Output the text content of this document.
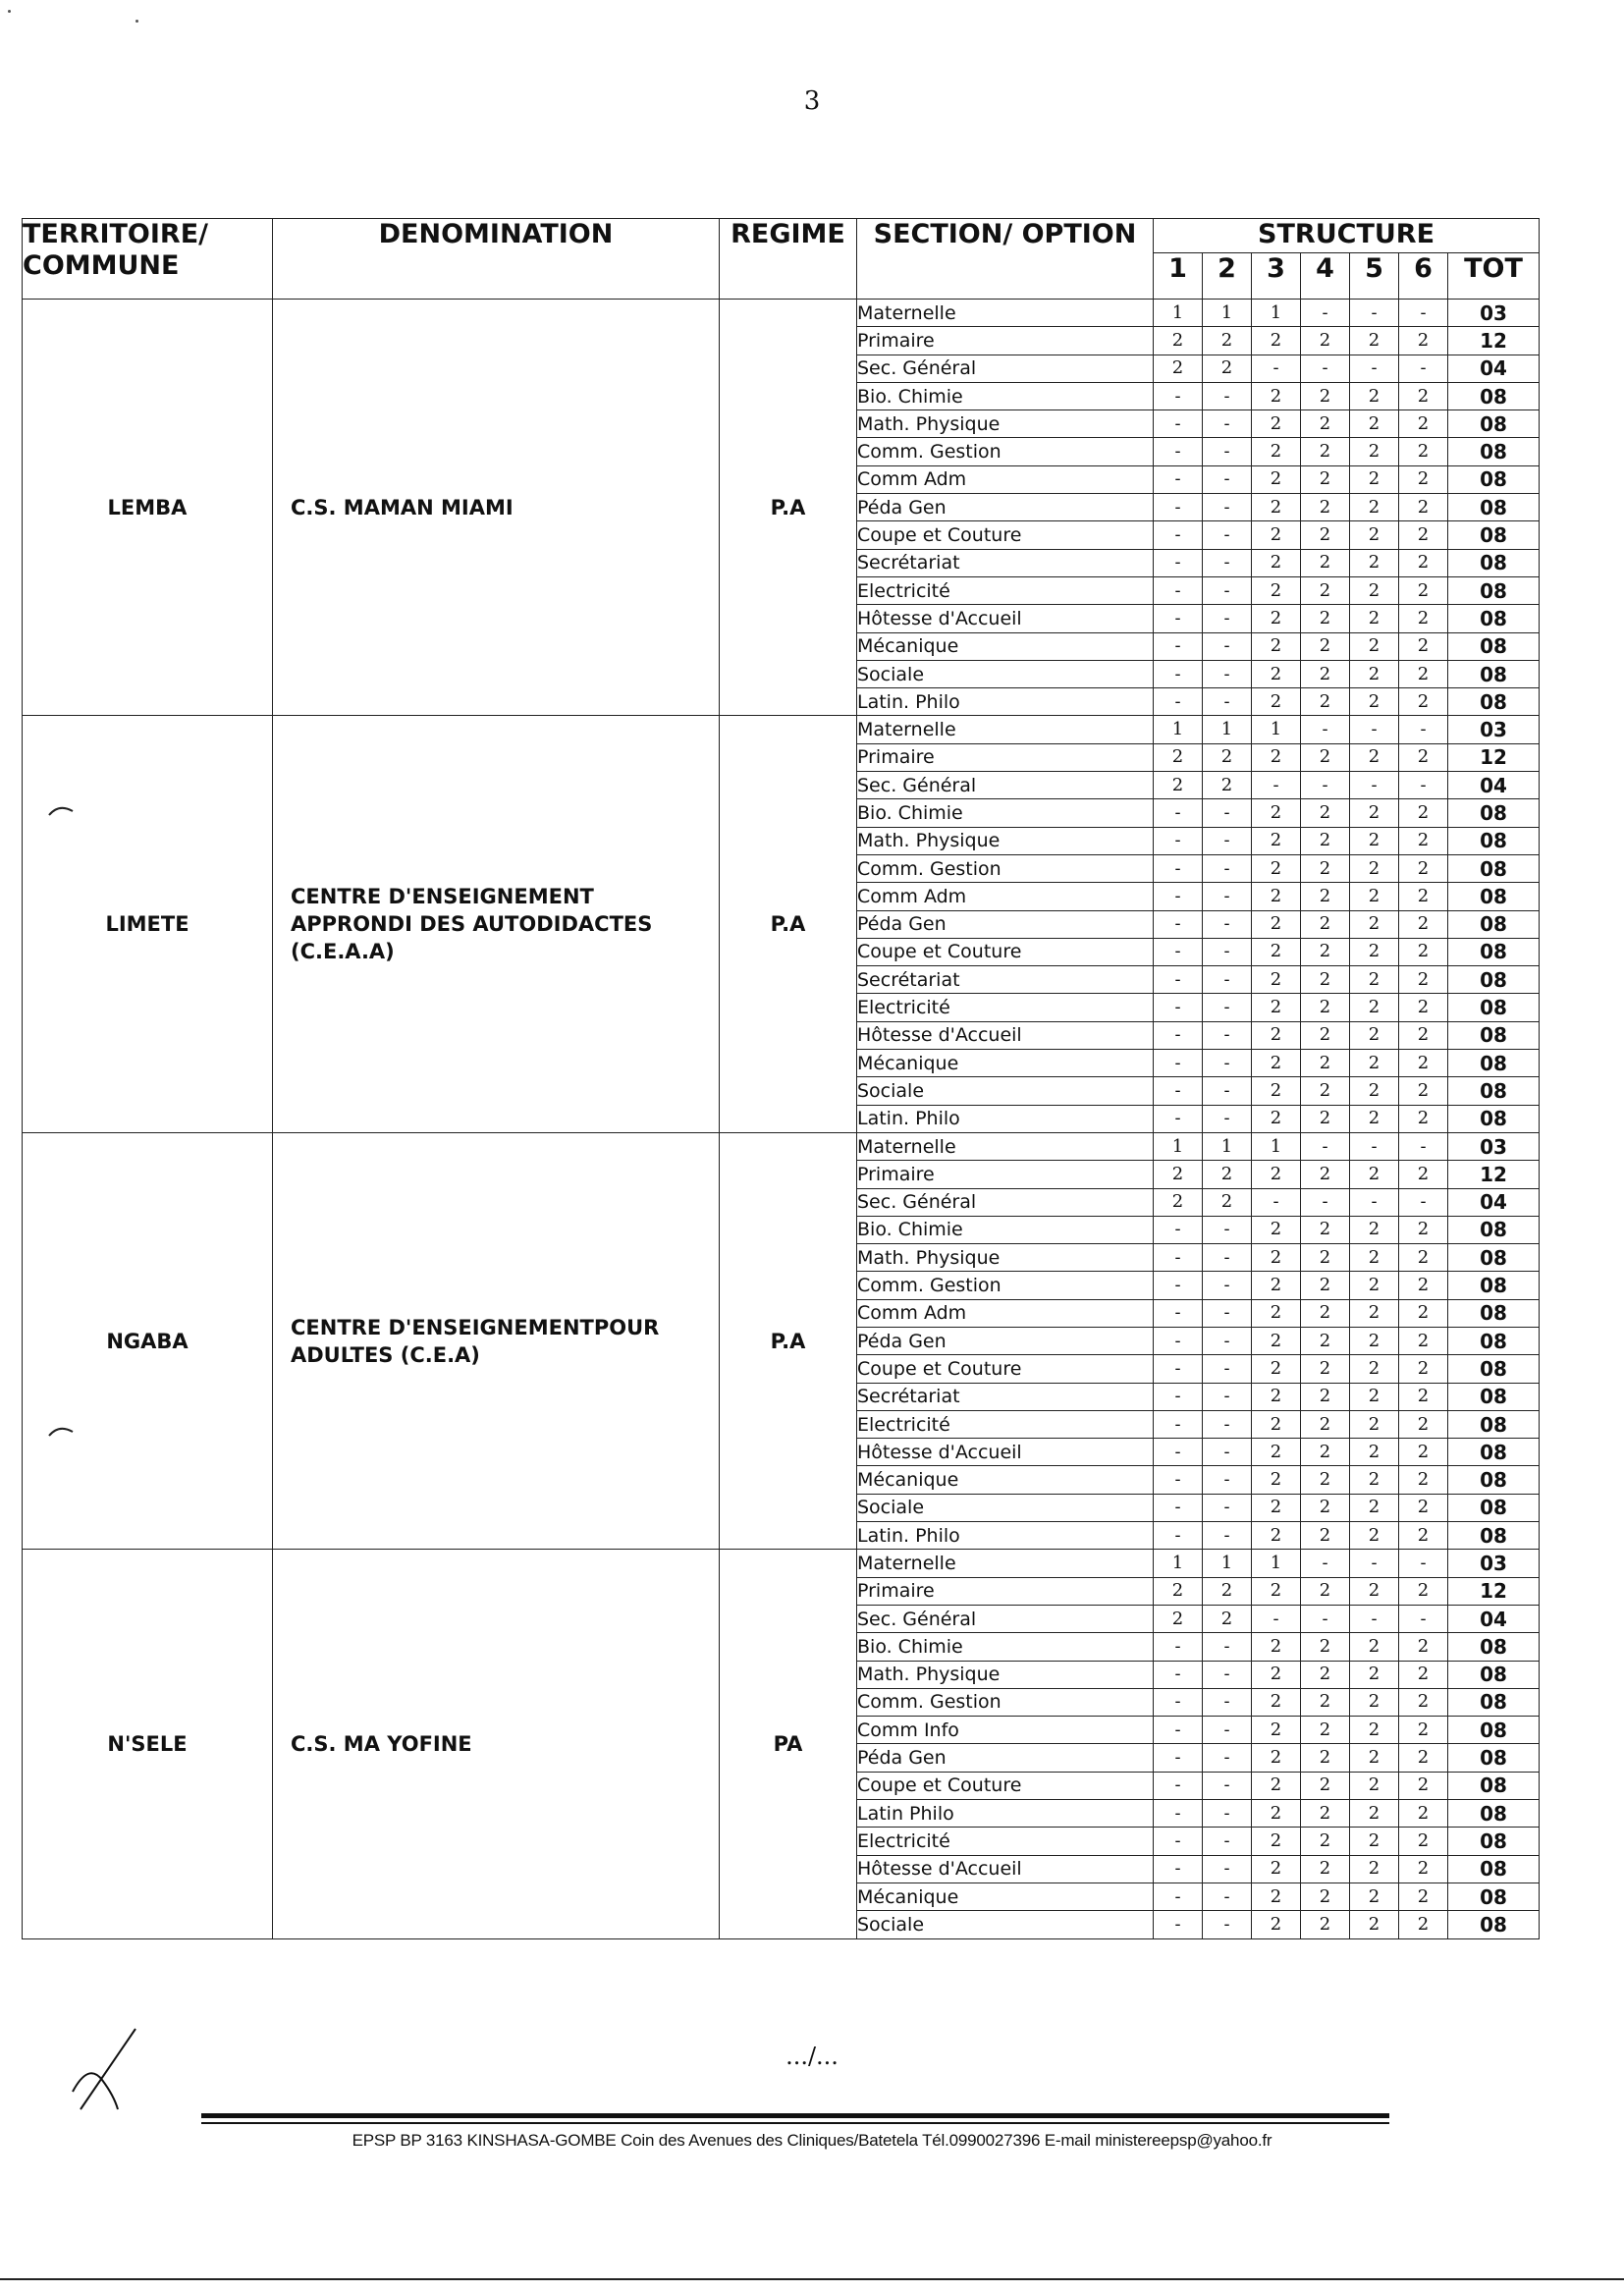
3
TERRITOIRE/ COMMUNE	DENOMINATION	REGIME	SECTION/ OPTION	STRUCTURE						
				1	2	3	4	5	6	TOT
LEMBA	C.S. MAMAN MIAMI	P.A	Maternelle	1	1	1	-	-	-	03
			Primaire	2	2	2	2	2	2	12
			Sec. Général	2	2	-	-	-	-	04
			Bio. Chimie	-	-	2	2	2	2	08
			Math. Physique	-	-	2	2	2	2	08
			Comm. Gestion	-	-	2	2	2	2	08
			Comm Adm	-	-	2	2	2	2	08
			Péda Gen	-	-	2	2	2	2	08
			Coupe et Couture	-	-	2	2	2	2	08
			Secrétariat	-	-	2	2	2	2	08
			Electricité	-	-	2	2	2	2	08
			Hôtesse d'Accueil	-	-	2	2	2	2	08
			Mécanique	-	-	2	2	2	2	08
			Sociale	-	-	2	2	2	2	08
			Latin. Philo	-	-	2	2	2	2	08
LIMETE	CENTRE D'ENSEIGNEMENT
APPRONDI DES AUTODIDACTES
(C.E.A.A)	P.A	Maternelle	1	1	1	-	-	-	03
			Primaire	2	2	2	2	2	2	12
			Sec. Général	2	2	-	-	-	-	04
			Bio. Chimie	-	-	2	2	2	2	08
			Math. Physique	-	-	2	2	2	2	08
			Comm. Gestion	-	-	2	2	2	2	08
			Comm Adm	-	-	2	2	2	2	08
			Péda Gen	-	-	2	2	2	2	08
			Coupe et Couture	-	-	2	2	2	2	08
			Secrétariat	-	-	2	2	2	2	08
			Electricité	-	-	2	2	2	2	08
			Hôtesse d'Accueil	-	-	2	2	2	2	08
			Mécanique	-	-	2	2	2	2	08
			Sociale	-	-	2	2	2	2	08
			Latin. Philo	-	-	2	2	2	2	08
NGABA	CENTRE D'ENSEIGNEMENTPOUR
ADULTES (C.E.A)	P.A	Maternelle	1	1	1	-	-	-	03
			Primaire	2	2	2	2	2	2	12
			Sec. Général	2	2	-	-	-	-	04
			Bio. Chimie	-	-	2	2	2	2	08
			Math. Physique	-	-	2	2	2	2	08
			Comm. Gestion	-	-	2	2	2	2	08
			Comm Adm	-	-	2	2	2	2	08
			Péda Gen	-	-	2	2	2	2	08
			Coupe et Couture	-	-	2	2	2	2	08
			Secrétariat	-	-	2	2	2	2	08
			Electricité	-	-	2	2	2	2	08
			Hôtesse d'Accueil	-	-	2	2	2	2	08
			Mécanique	-	-	2	2	2	2	08
			Sociale	-	-	2	2	2	2	08
			Latin. Philo	-	-	2	2	2	2	08
N'SELE	C.S. MA YOFINE	PA	Maternelle	1	1	1	-	-	-	03
			Primaire	2	2	2	2	2	2	12
			Sec. Général	2	2	-	-	-	-	04
			Bio. Chimie	-	-	2	2	2	2	08
			Math. Physique	-	-	2	2	2	2	08
			Comm. Gestion	-	-	2	2	2	2	08
			Comm Info	-	-	2	2	2	2	08
			Péda Gen	-	-	2	2	2	2	08
			Coupe et Couture	-	-	2	2	2	2	08
			Latin Philo	-	-	2	2	2	2	08
			Electricité	-	-	2	2	2	2	08
			Hôtesse d'Accueil	-	-	2	2	2	2	08
			Mécanique	-	-	2	2	2	2	08
			Sociale	-	-	2	2	2	2	08
.../...
EPSP BP 3163 KINSHASA-GOMBE Coin des Avenues des Cliniques/Batetela Tél.0990027396 E-mail ministereepsp@yahoo.fr
